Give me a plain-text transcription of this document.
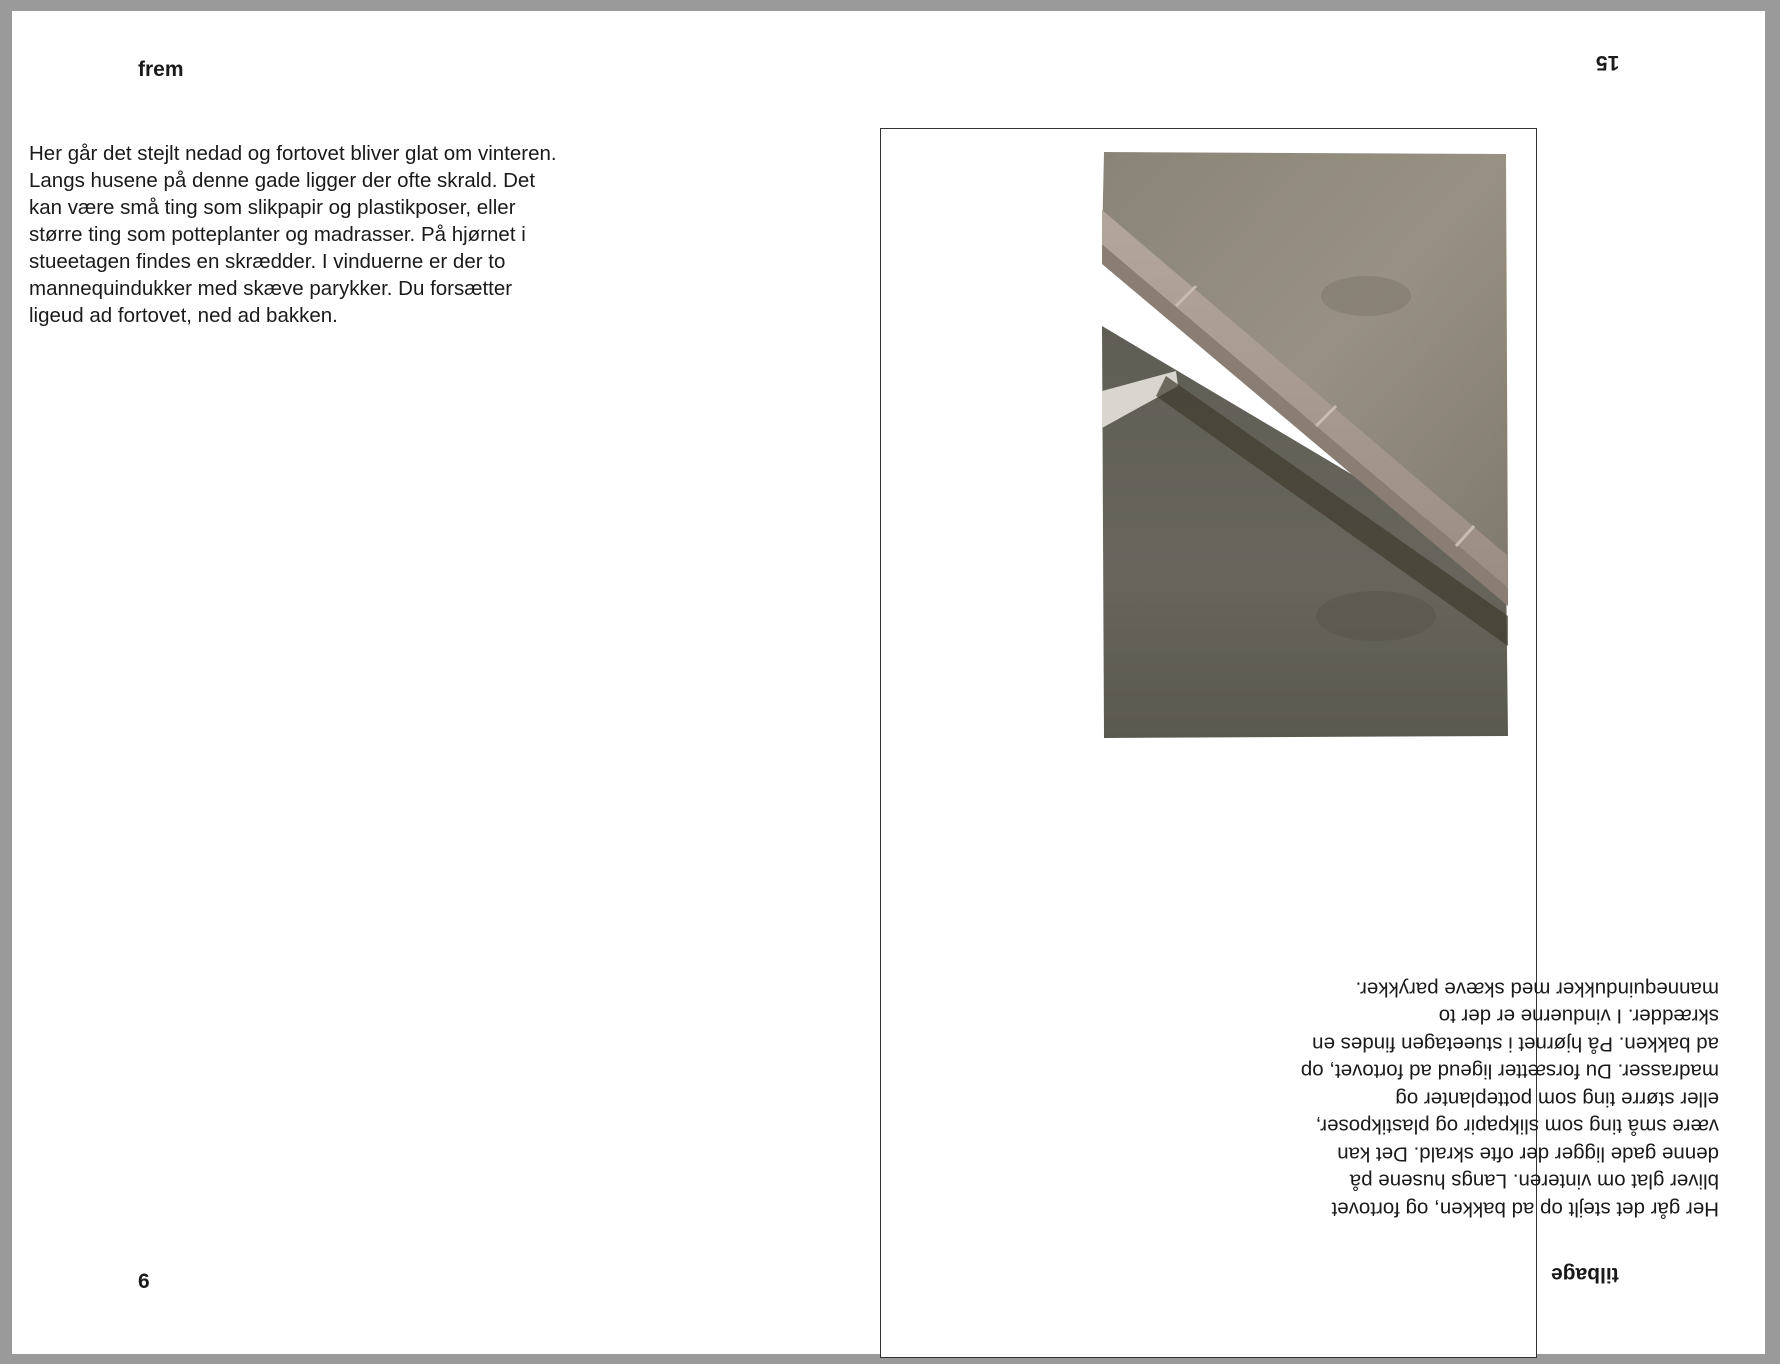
frem

Her går det stejlt nedad og fortovet bliver glat om vinteren. Langs husene på denne gade ligger der ofte skrald. Det kan være små ting som slikpapir og plastikposer, eller større ting som potteplanter og madrasser. På hjørnet i stueetagen findes en skrædder. I vinduerne er der to mannequindukker med skæve parykker. Du forsætter ligeud ad fortovet, ned ad bakken.

6
15

Her går det stejlt op ad bakken, og fortovet bliver glat om vinteren. Langs husene på denne gade ligger der ofte skrald. Det kan være små ting som slikpapir og plastikposer, eller større ting som potteplanter og madrasser. Du forsætter ligeud ad fortovet, op ad bakken. På hjørnet i stueetagen findes en skrædder. I vinduerne er der to mannequindukker med skæve parykker.

tilbage
